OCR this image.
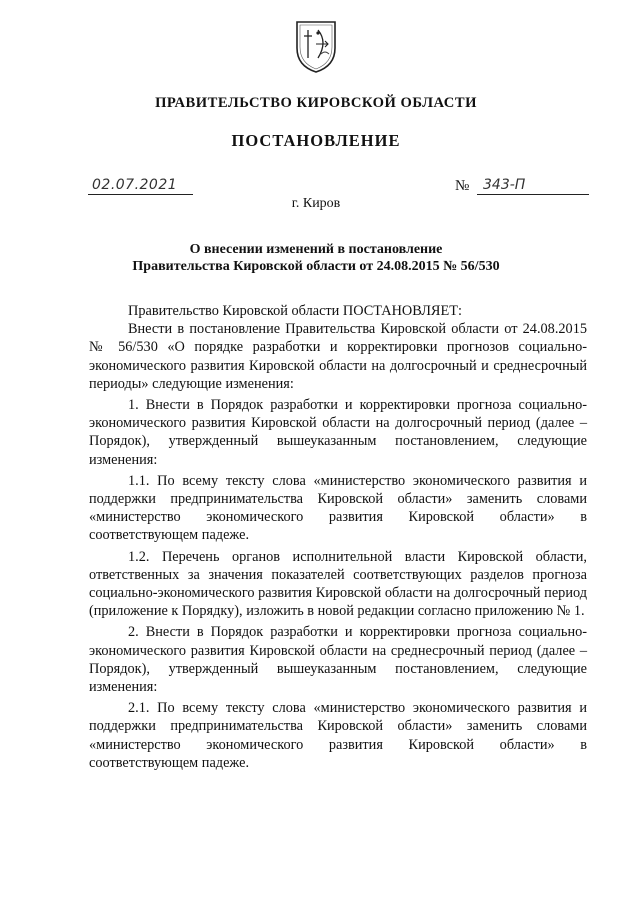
ПРАВИТЕЛЬСТВО КИРОВСКОЙ ОБЛАСТИ
ПОСТАНОВЛЕНИЕ
02.07.2021	№ 343-П
г. Киров
О внесении изменений в постановление
Правительства Кировской области от 24.08.2015 № 56/530

Правительство Кировской области ПОСТАНОВЛЯЕТ:

Внести в постановление Правительства Кировской области от 24.08.2015 № 56/530 «О порядке разработки и корректировки прогнозов социально-экономического развития Кировской области на долгосрочный и среднесрочный периоды» следующие изменения:

1. Внести в Порядок разработки и корректировки прогноза социально-экономического развития Кировской области на долгосрочный период (далее – Порядок), утвержденный вышеуказанным постановлением, следующие изменения:

1.1. По всему тексту слова «министерство экономического развития и поддержки предпринимательства Кировской области» заменить словами «министерство экономического развития Кировской области» в соответствующем падеже.

1.2. Перечень органов исполнительной власти Кировской области, ответственных за значения показателей соответствующих разделов прогноза социально-экономического развития Кировской области на долгосрочный период (приложение к Порядку), изложить в новой редакции согласно приложению № 1.

2. Внести в Порядок разработки и корректировки прогноза социально-экономического развития Кировской области на среднесрочный период (далее – Порядок), утвержденный вышеуказанным постановлением, следующие изменения:

2.1. По всему тексту слова «министерство экономического развития и поддержки предпринимательства Кировской области» заменить словами «министерство экономического развития Кировской области» в соответствующем падеже.
